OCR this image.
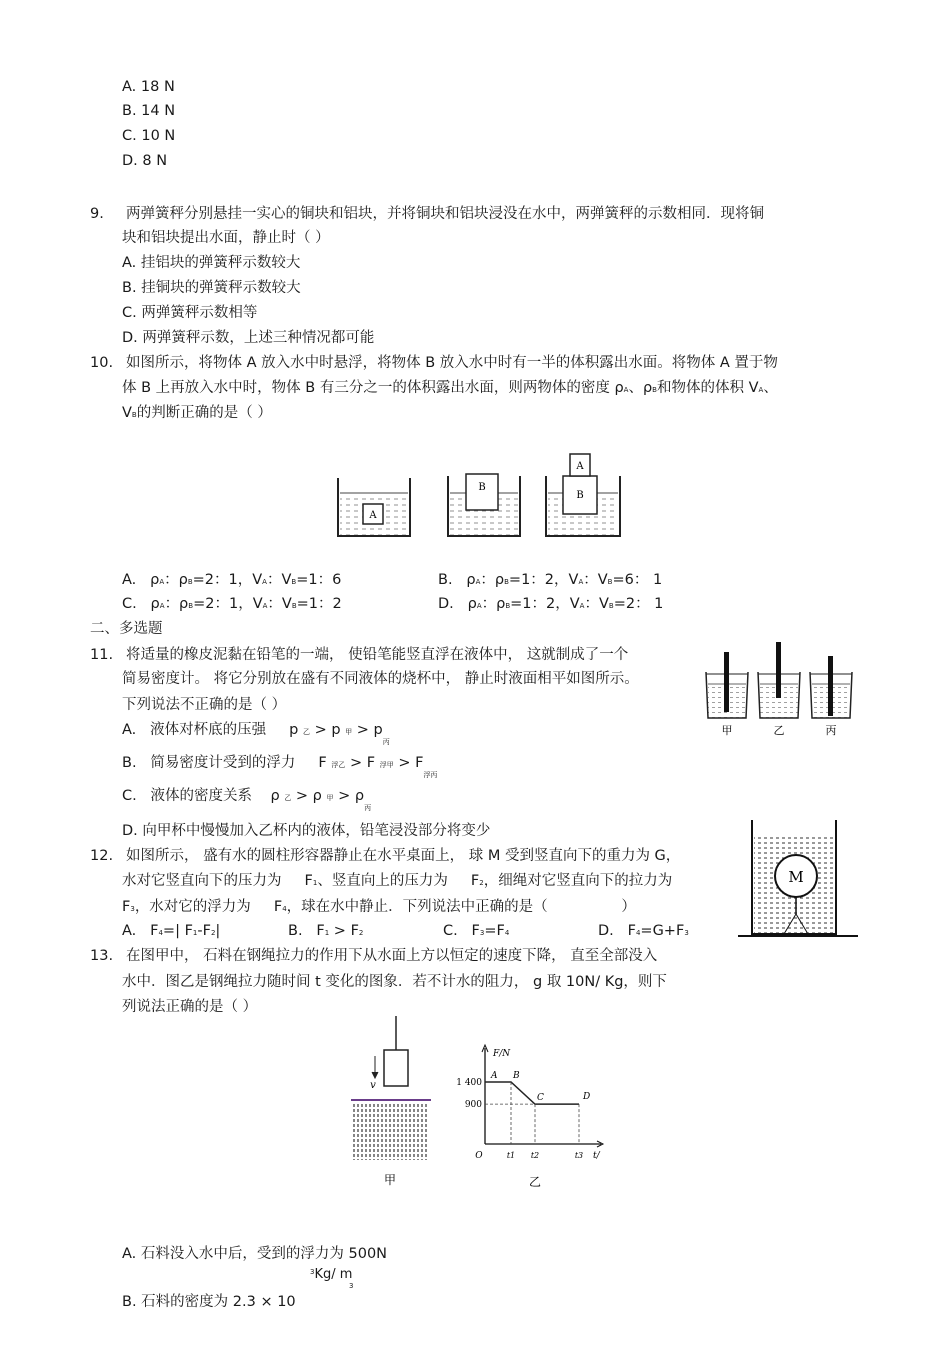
A. 18 N
B. 14 N
C. 10 N
D. 8 N
9. 两弹簧秤分别悬挂一实心的铜块和铝块，并将铜块和铝块浸没在水中，两弹簧秤的示数相同．现将铜
块和铝块提出水面，静止时（ ）
A. 挂铝块的弹簧秤示数较大
B. 挂铜块的弹簧秤示数较大
C. 两弹簧秤示数相等
D. 两弹簧秤示数，上述三种情况都可能
10. 如图所示，将物体 A 放入水中时悬浮，将物体 B 放入水中时有一半的体积露出水面。将物体 A 置于物
体 B 上再放入水中时，物体 B 有三分之一的体积露出水面，则两物体的密度 ρA、ρB和物体的体积 VA、
VB的判断正确的是（ ）
A
B
B
A
A.   ρA：ρB=2：1，VA：VB=1：6	B.   ρA：ρB=1：2，VA：VB=6： 1
C.   ρA：ρB=2：1，VA：VB=1：2	D.   ρA：ρB=1：2，VA：VB=2： 1
二、多选题
11. 将适量的橡皮泥黏在铅笔的一端， 使铅笔能竖直浮在液体中， 这就制成了一个
简易密度计。 将它分别放在盛有不同液体的烧杯中， 静止时液面相平如图所示。
下列说法不正确的是（ ）
A.   液体对杯底的压强     p 乙 > p 甲 > $p_丙$
B.   简易密度计受到的浮力     F 浮乙 > F 浮甲 > $F_{浮丙}$
C.   液体的密度关系    ρ 乙 > ρ 甲 > $\rho_丙$
D. 向甲杯中慢慢加入乙杯内的液体，铅笔浸没部分将变少
甲	乙	丙
12. 如图所示， 盛有水的圆柱形容器静止在水平桌面上， 球 M 受到竖直向下的重力为 G，
水对它竖直向下的压力为     F1、竖直向上的压力为     F2，细绳对它竖直向下的拉力为
F3，水对它的浮力为     F4，球在水中静止．下列说法中正确的是（                ）
A.   F4=| F1-F2|	B.   F1 > F2	C.   F3=F4	D.   F4=G+F3
M
13. 在图甲中， 石料在钢绳拉力的作用下从水面上方以恒定的速度下降， 直至全部没入
水中．图乙是钢绳拉力随时间 t 变化的图象．若不计水的阻力， g 取 10N/ Kg，则下
列说法正确的是（ ）
v
甲
F/N
t/
O
1 400
900
A B
C	D
t1 t2	t3
乙
A. 石料没入水中后，受到的浮力为 500N
$^3$Kg/ m
3
B. 石料的密度为 2.3 × 10
